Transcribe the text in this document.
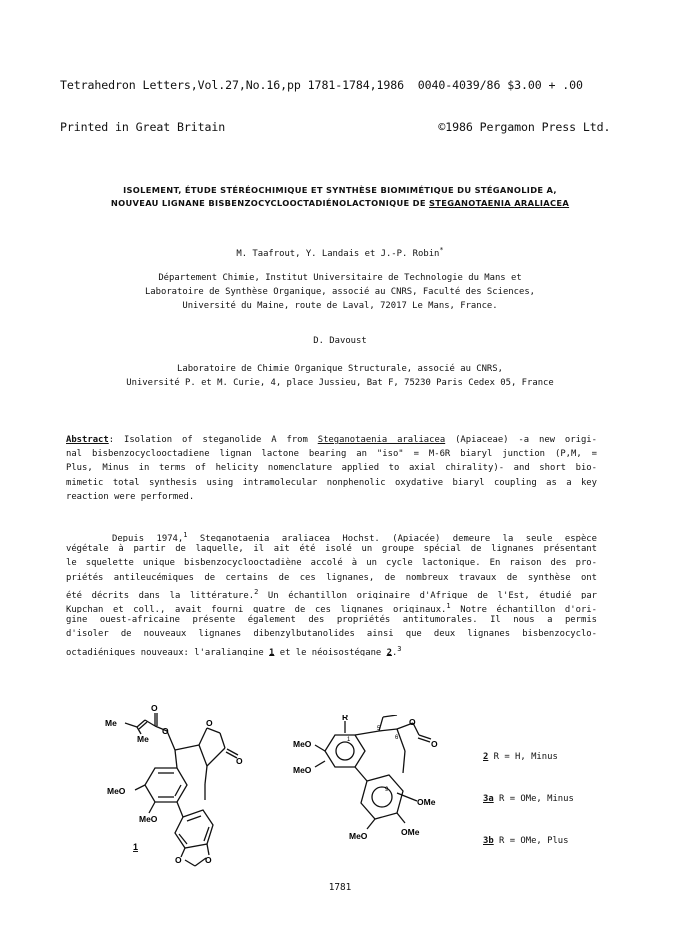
Tetrahedron Letters,Vol.27,No.16,pp 1781-1784,1986  0040-4039/86 $3.00 + .00

Printed in Great Britain                               ©1986 Pergamon Press Ltd.

ISOLEMENT, ÉTUDE STÉRÉOCHIMIQUE ET SYNTHÈSE BIOMIMÉTIQUE DU STÉGANOLIDE A,
NOUVEAU LIGNANE BISBENZOCYCLOOCTADIÉNOLACTONIQUE DE STEGANOTAENIA ARALIACEA
M. Taafrout, Y. Landais et J.-P. Robin*
Département Chimie, Institut Universitaire de Technologie du Mans et
Laboratoire de Synthèse Organique, associé au CNRS, Faculté des Sciences,
Université du Maine, route de Laval, 72017 Le Mans, France.
D. Davoust
Laboratoire de Chimie Organique Structurale, associé au CNRS,
Université P. et M. Curie, 4, place Jussieu, Bat F, 75230 Paris Cedex 05, France
Abstract: Isolation of steganolide A from Steganotaenia araliacea (Apiaceae) -a new origi-
nal bisbenzocyclooctadiene lignan lactone bearing an "iso" = M-6R biaryl junction (P,M, =
Plus, Minus in terms of helicity nomenclature applied to axial chirality)- and short bio-
mimetic total synthesis using intramolecular nonphenolic oxydative biaryl coupling as a key
reaction were performed.
Depuis 1974,$^1$ Steganotaenia araliacea Hochst. (Apiacée) demeure la seule espèce
végétale à partir de laquelle, il ait été isolé un groupe spécial de lignanes présentant
le squelette unique bisbenzocyclooctadiène accolé à un cycle lactonique. En raison des pro-
priétés antileucémiques de certains de ces lignanes, de nombreux travaux de synthèse ont
été décrits dans la littérature.$^2$ Un échantillon originaire d'Afrique de l'Est, étudié par
Kupchan et coll., avait fourni quatre de ces lignanes originaux.$^1$ Notre échantillon d'ori-
gine ouest-africaine présente également des propriétés antitumorales. Il nous a permis
d'isoler de nouveaux lignanes dibenzylbutanolides ainsi que deux lignanes bisbenzocyclo-
octadiéniques nouveaux: l'araliangine 1 et le néoisostégane 2.$^3$
O
Me
Me
O
O
O
MeO
MeO
O	O
1
R
MeO
MeO
5
6
1
9
O
O
OMe
OMe
MeO

2 R = H, Minus

3a R = OMe, Minus

3b R = OMe, Plus

1781
